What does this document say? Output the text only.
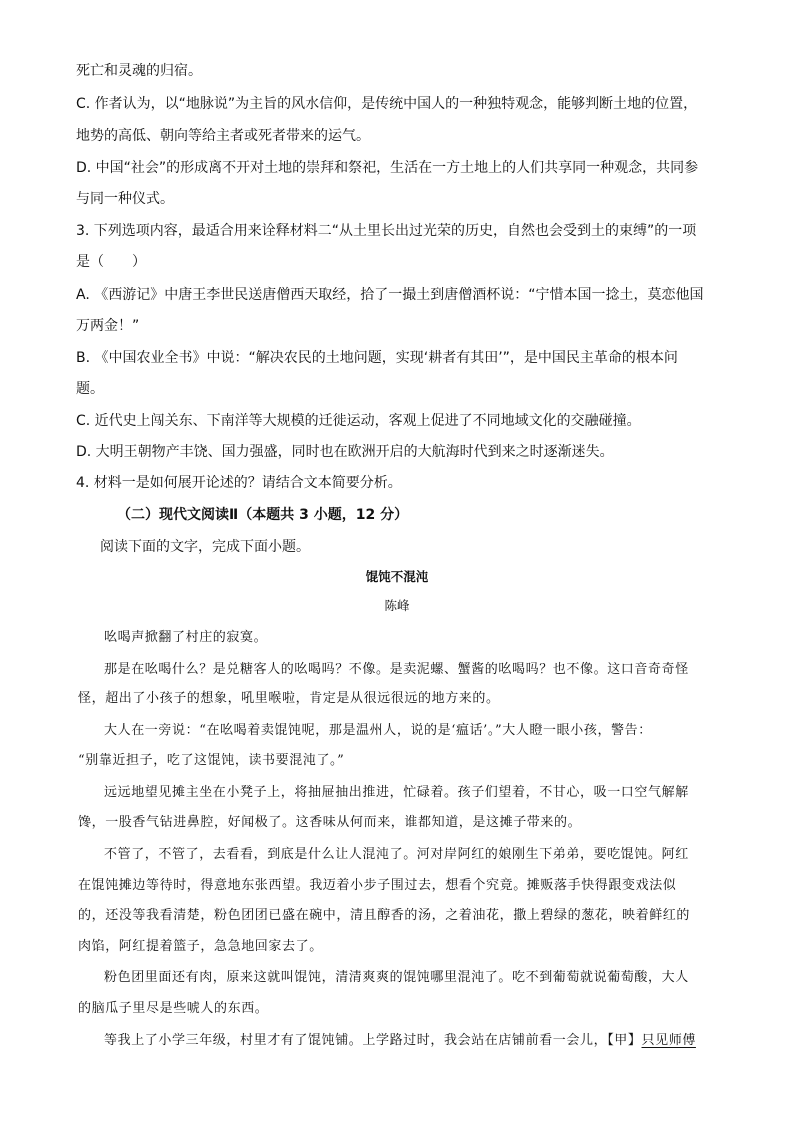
死亡和灵魂的归宿。
C. 作者认为，以“地脉说”为主旨的风水信仰，是传统中国人的一种独特观念，能够判断土地的位置，
地势的高低、朝向等给主者或死者带来的运气。
D. 中国“社会”的形成离不开对土地的崇拜和祭祀，生活在一方土地上的人们共享同一种观念，共同参
与同一种仪式。
3. 下列选项内容，最适合用来诠释材料二“从土里长出过光荣的历史，自然也会受到土的束缚”的一项
是（　　）
A. 《西游记》中唐王李世民送唐僧西天取经，拾了一撮土到唐僧酒杯说：“宁惜本国一捻土，莫恋他国
万两金！”
B. 《中国农业全书》中说：“解决农民的土地问题，实现‘耕者有其田’”，是中国民主革命的根本问
题。
C. 近代史上闯关东、下南洋等大规模的迁徙运动，客观上促进了不同地域文化的交融碰撞。
D. 大明王朝物产丰饶、国力强盛，同时也在欧洲开启的大航海时代到来之时逐渐迷失。
4. 材料一是如何展开论述的？请结合文本简要分析。
（二）现代文阅读Ⅱ（本题共 3 小题，12 分）
阅读下面的文字，完成下面小题。
馄饨不混沌
陈峰
吆喝声掀翻了村庄的寂寞。
那是在吆喝什么？是兑糖客人的吆喝吗？不像。是卖泥螺、蟹酱的吆喝吗？也不像。这口音奇奇怪
怪，超出了小孩子的想象，吼里喉啦，肯定是从很远很远的地方来的。
大人在一旁说：“在吆喝着卖馄饨呢，那是温州人，说的是‘瘟话’。”大人瞪一眼小孩，警告：
“别靠近担子，吃了这馄饨，读书要混沌了。”
远远地望见摊主坐在小凳子上，将抽屉抽出推进，忙碌着。孩子们望着，不甘心，吸一口空气解解
馋，一股香气钻进鼻腔，好闻极了。这香味从何而来，谁都知道，是这摊子带来的。
不管了，不管了，去看看，到底是什么让人混沌了。河对岸阿红的娘刚生下弟弟，要吃馄饨。阿红
在馄饨摊边等待时，得意地东张西望。我迈着小步子围过去，想看个究竟。摊贩落手快得跟变戏法似
的，还没等我看清楚，粉色团团已盛在碗中，清且醇香的汤，之着油花，撒上碧绿的葱花，映着鲜红的
肉馅，阿红提着篮子，急急地回家去了。
粉色团里面还有肉，原来这就叫馄饨，清清爽爽的馄饨哪里混沌了。吃不到葡萄就说葡萄酸，大人
的脑瓜子里尽是些唬人的东西。
等我上了小学三年级，村里才有了馄饨铺。上学路过时，我会站在店铺前看一会儿，【甲】只见师傅
